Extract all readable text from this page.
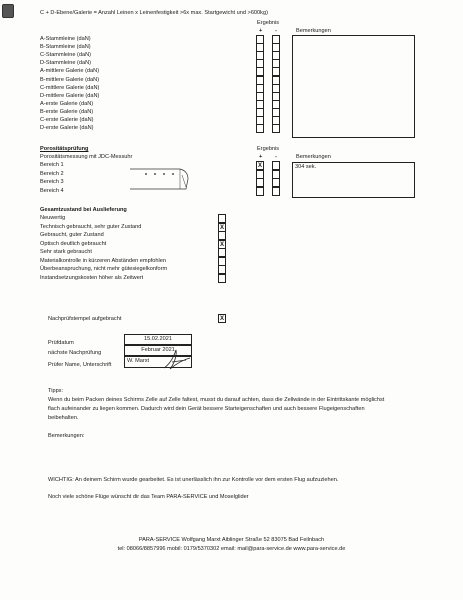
C + D-Ebene/Galerie = Anzahl Leinen x Leinenfestigkeit >6x max. Startgewicht und >600kg)
Ergebnis
+ -	Bemerkungen
A-Stammleine (daN)
B-Stammleine (daN)
C-Stammleine (daN)
D-Stammleine (daN)
A-mittlere Galerie (daN)
B-mittlere Galerie (daN)
C-mittlere Galerie (daN)
D-mittlere Galerie (daN)
A-erste Galerie (daN)
B-erste Galerie (daN)
C-erste Galerie (daN)
D-erste Galerie (daN)
Porositätsprüfung
Porositätsmessung mit JDC-Messuhr
Ergebnis
+ -	Bemerkungen
Bereich 1	X
Bereich 2
Bereich 3
Bereich 4
304 sek.
Gesamtzustand bei Auslieferung
Neuwertig
Technisch gebraucht, sehr guter Zustand	X
Gebraucht, guter Zustand
Optisch deutlich gebraucht	X
Sehr stark gebraucht
Materialkontrolle in kürzeren Abständen empfohlen
Überbeanspruchung, nicht mehr gütesiegelkonform
Instandsetzungskosten höher als Zeitwert
Nachprüfstempel aufgebracht	X
Prüfdatum
15.02.2021
nächste Nachprüfung	Februar 2021
Prüfer Name, Unterschrift
W. Marxt
Tipps:
Wenn du beim Packen deines Schirms Zelle auf Zelle faltest, musst du darauf achten, dass die Zellwände in der Eintrittskante möglichst
flach aufeinander zu liegen kommen. Dadurch wird dein Gerät bessere Starteigenschaften und auch bessere Flugeigenschaften
beibehalten.
Bemerkungen:
WICHTIG: An deinem Schirm wurde gearbeitet. Es ist unerlässlich ihn zur Kontrolle vor dem ersten Flug aufzuziehen.
Noch viele schöne Flüge wünscht dir das Team PARA-SERVICE und Moselglider
PARA-SERVICE Wolfgang Marxt Aiblinger Straße 52 83075 Bad Feilnbach
tel: 08066/8857996 mobil: 0179/5370302 email: mail@para-service.de www.para-service.de
